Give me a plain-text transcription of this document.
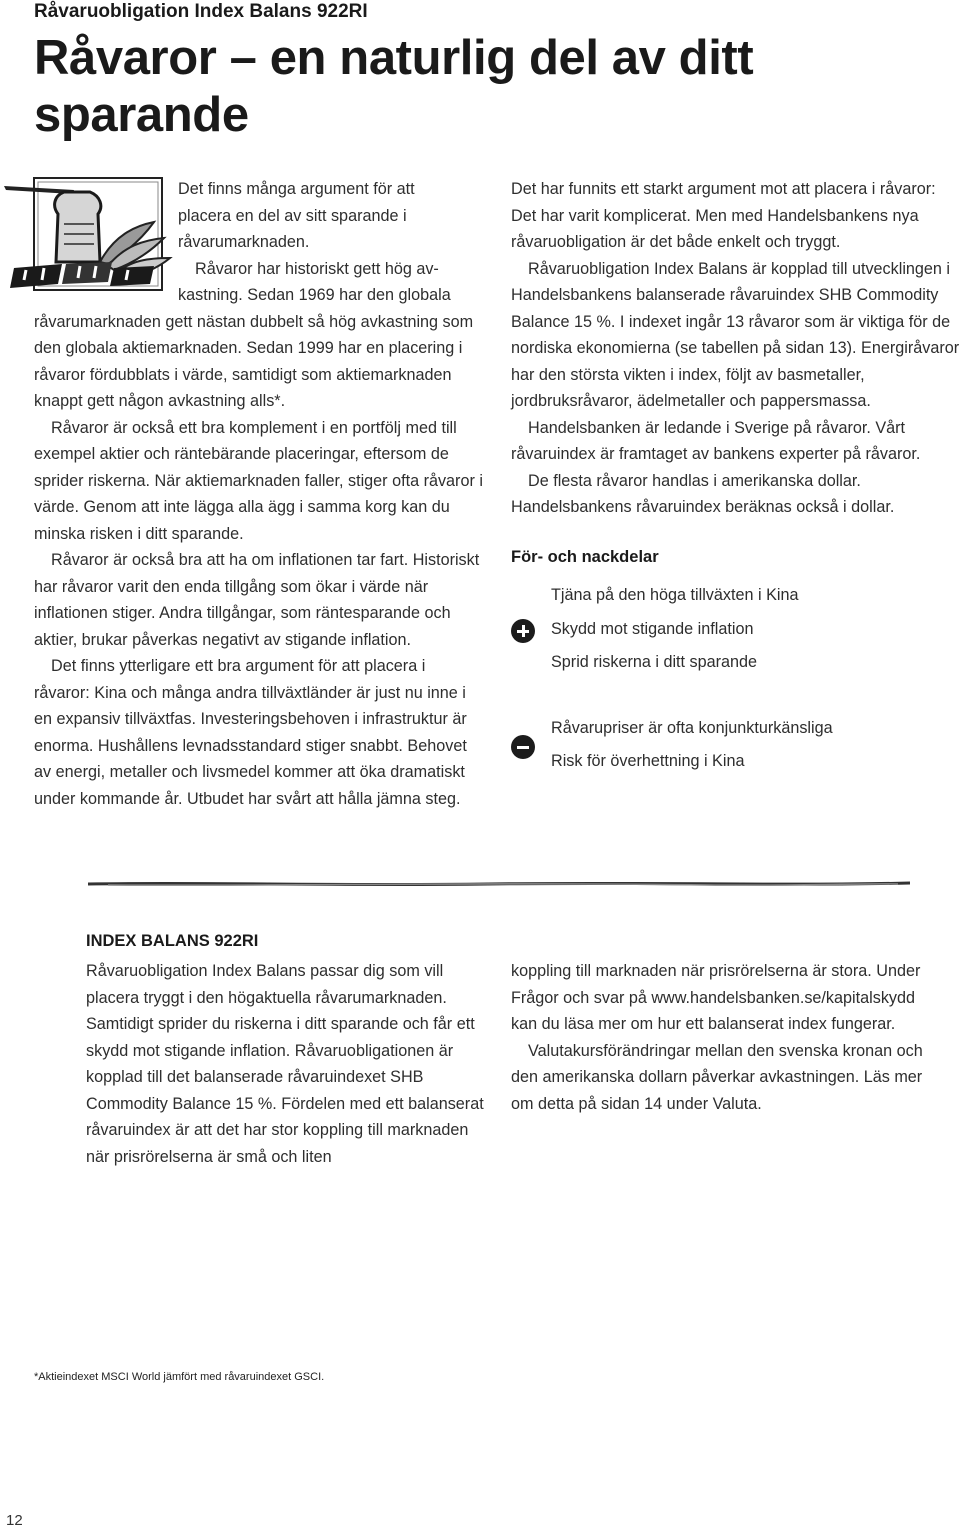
Råvaruobligation Index Balans 922RI
Råvaror – en naturlig del av ditt sparande
Det finns många argument för att
placera en del av sitt sparande i
råvarumarknaden.
Råvaror har historiskt gett hög av-
kastning. Sedan 1969 har den globala

råvarumarknaden gett nästan dubbelt så hög avkastning som den globala aktiemarknaden. Sedan 1999 har en placering i råvaror fördubblats i värde, samtidigt som aktiemarknaden knappt gett någon avkastning alls*.

Råvaror är också ett bra komplement i en portfölj med till exempel aktier och räntebärande placeringar, eftersom de sprider riskerna. När aktiemarknaden faller, stiger ofta råvaror i värde. Genom att inte lägga alla ägg i samma korg kan du minska risken i ditt sparande.

Råvaror är också bra att ha om inflationen tar fart. Historiskt har råvaror varit den enda tillgång som ökar i värde när inflationen stiger. Andra tillgångar, som räntesparande och aktier, brukar påverkas negativt av stigande inflation.

Det finns ytterligare ett bra argument för att placera i råvaror: Kina och många andra tillväxtländer är just nu inne i en expansiv tillväxtfas. Investeringsbehoven i infrastruktur är enorma. Hushållens levnadsstandard stiger snabbt. Behovet av energi, metaller och livsmedel kommer att öka dramatiskt under kommande år. Utbudet har svårt att hålla jämna steg.

Det har funnits ett starkt argument mot att placera i råvaror: Det har varit komplicerat. Men med Handelsbankens nya råvaruobligation är det både enkelt och tryggt.

Råvaruobligation Index Balans är kopplad till utvecklingen i Handelsbankens balanserade råvaruindex SHB Commodity Balance 15 %. I indexet ingår 13 råvaror som är viktiga för de nordiska ekonomierna (se tabellen på sidan 13). Energiråvaror har den största vikten i index, följt av basmetaller, jordbruksråvaror, ädelmetaller och pappersmassa.

Handelsbanken är ledande i Sverige på råvaror. Vårt råvaruindex är framtaget av bankens experter på råvaror.

De flesta råvaror handlas i amerikanska dollar. Handelsbankens råvaruindex beräknas också i dollar.

För- och nackdelar
Tjäna på den höga tillväxten i Kina
Skydd mot stigande inflation
Sprid riskerna i ditt sparande
Råvarupriser är ofta konjunkturkänsliga
Risk för överhettning i Kina
INDEX BALANS 922RI

Råvaruobligation Index Balans passar dig som vill placera tryggt i den högaktuella råvarumarknaden. Samtidigt sprider du riskerna i ditt sparande och får ett skydd mot stigande inflation. Råvaruobligationen är kopplad till det balanserade råvaruindexet SHB Commodity Balance 15 %. Fördelen med ett balanserat råvaruindex är att det har stor koppling till marknaden när prisrörelserna är små och liten

koppling till marknaden när prisrörelserna är stora. Under Frågor och svar på www.handelsbanken.se/kapitalskydd kan du läsa mer om hur ett balanserat index fungerar.

Valutakursförändringar mellan den svenska kronan och den amerikanska dollarn påverkar avkastningen. Läs mer om detta på sidan 14 under Valuta.

*Aktieindexet MSCI World jämfört med råvaruindexet GSCI.
12
